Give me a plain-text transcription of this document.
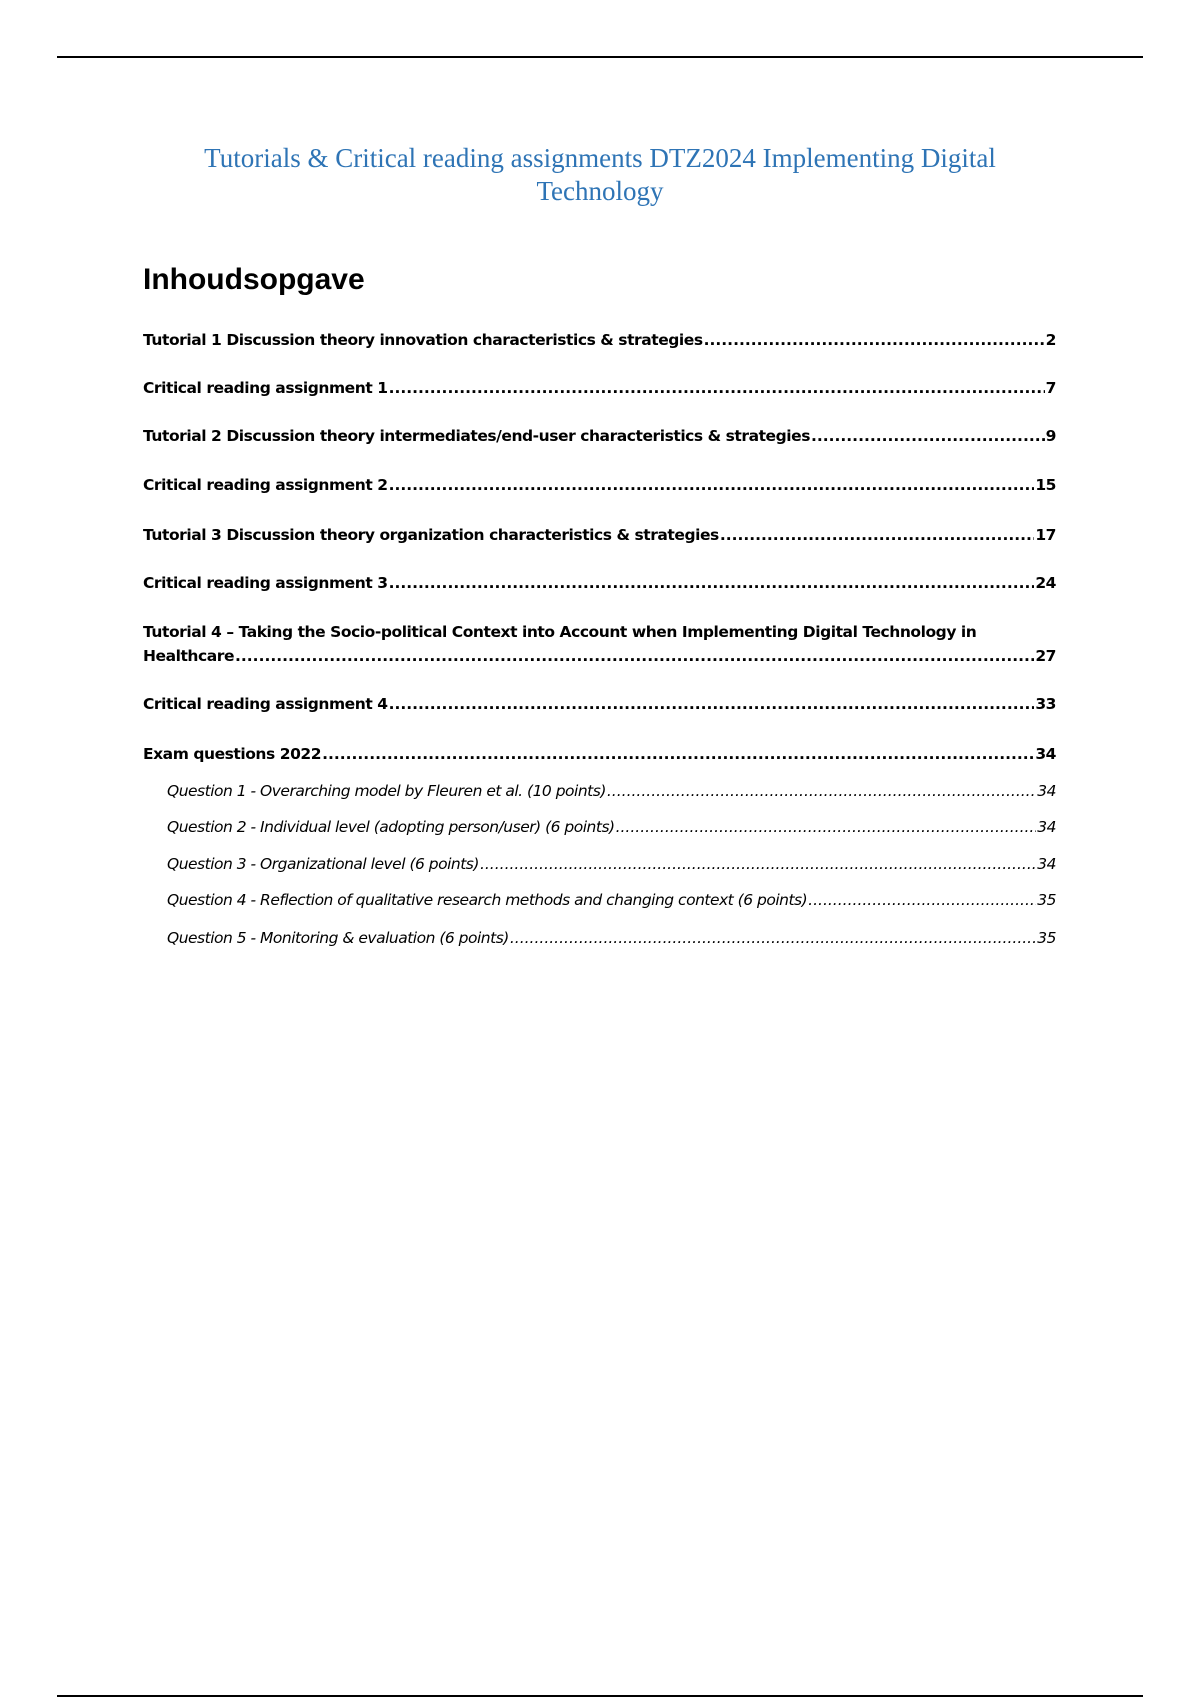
Tutorials & Critical reading assignments DTZ2024 Implementing Digital Technology
Inhoudsopgave
Tutorial 1 Discussion theory innovation characteristics & strategies .....	2
Critical reading assignment 1 .....	7
Tutorial 2 Discussion theory intermediates/end-user characteristics & strategies .....	9
Critical reading assignment 2 .....	15
Tutorial 3 Discussion theory organization characteristics & strategies .....	17
Critical reading assignment 3 .....	24
Tutorial 4 – Taking the Socio-political Context into Account when Implementing Digital Technology in
Healthcare .....	27
Critical reading assignment 4 .....	33
Exam questions 2022 .....	34
Question 1 - Overarching model by Fleuren et al. (10 points) .....	34
Question 2 - Individual level (adopting person/user) (6 points) .....	34
Question 3 - Organizational level (6 points) .....	34
Question 4 - Reflection of qualitative research methods and changing context (6 points) .....	35
Question 5 - Monitoring & evaluation (6 points) .....	35
